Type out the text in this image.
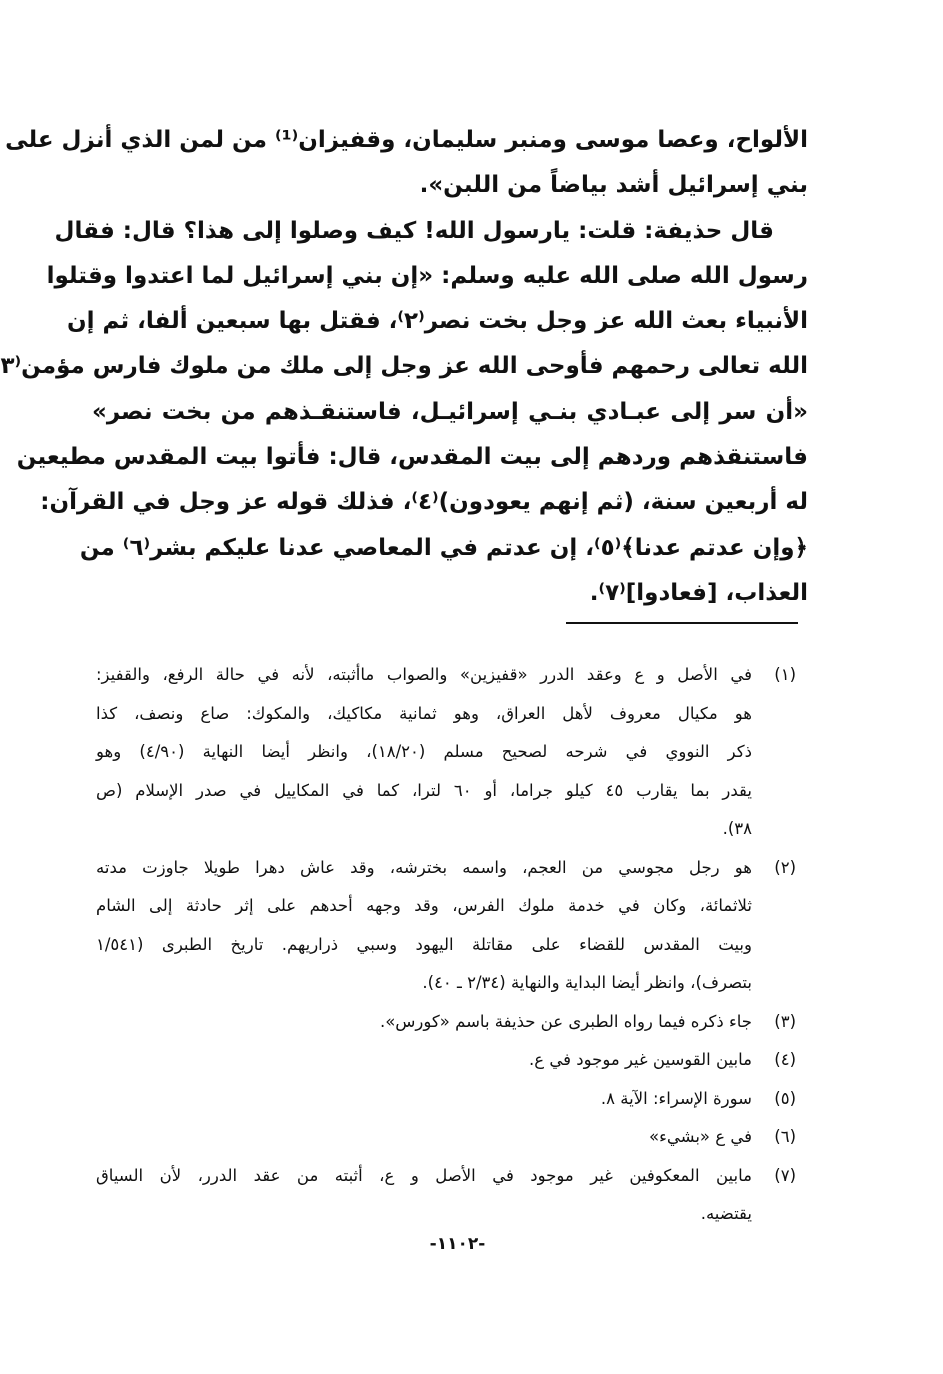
الألواح، وعصا موسى ومنبر سليمان، وقفيزان⁽¹⁾ من لمن الذي أنزل على
بني إسرائيل أشد بياضاً من اللبن».
قال حذيفة: قلت: يارسول الله! كيف وصلوا إلى هذا؟ قال: فقال
رسول الله صلى الله عليه وسلم: «إن بني إسرائيل لما اعتدوا وقتلوا
الأنبياء بعث الله عز وجل بخت نصر⁽٢⁾، فقتل بها سبعين ألفا، ثم إن
الله تعالى رحمهم فأوحى الله عز وجل إلى ملك من ملوك فارس مؤمن⁽٣
«أن سر إلى عبـادي بنـي إسرائيـل، فاستنقـذهم من بخت نصر»
فاستنقذهم وردهم إلى بيت المقدس، قال: فأتوا بيت المقدس مطيعين
له أربعين سنة، (ثم إنهم يعودون)⁽٤⁾، فذلك قوله عز وجل في القرآن:
﴿وإن عدتم عدنا﴾⁽٥⁾، إن عدتم في المعاصي عدنا عليكم بشر⁽٦⁾ من
العذاب، [فعادوا]⁽٧⁾.
(١)
في الأصل و ع وعقد الدرر «قفيزين» والصواب ماأثبته، لأنه في حالة الرفع، والقفيز:
هو مكيال معروف لأهل العراق، وهو ثمانية مكاكيك، والمكوك: صاع ونصف، كذا
ذكر النووي في شرحه لصحيح مسلم (١٨/٢٠)، وانظر أيضا النهاية (٤/٩٠) وهو
يقدر بما يقارب ٤٥ كيلو جراما، أو ٦٠ لترا، كما في المكاييل في صدر الإسلام (ص
٣٨).
(٢)
هو رجل مجوسي من العجم، واسمه بخترشه، وقد عاش دهرا طويلا جاوزت مدته
ثلاثمائة، وكان في خدمة ملوك الفرس، وقد وجهه أحدهم على إثر حادثة إلى الشام
وبيت المقدس للقضاء على مقاتلة اليهود وسبي ذراريهم. تاريخ الطبرى (١/٥٤١
بتصرف)، وانظر أيضا البداية والنهاية (٢/٣٤ ـ ٤٠).
(٣)
جاء ذكره فيما رواه الطبرى عن حذيفة باسم «كورس».
(٤)
مابين القوسين غير موجود في ع.
(٥)
سورة الإسراء: الآية ٨.
(٦)
في ع «بشيء»
(٧)
مابين المعكوفين غير موجود في الأصل و ع، أثبته من عقد الدرر، لأن السياق
يقتضيه.
-١١٠٢-
